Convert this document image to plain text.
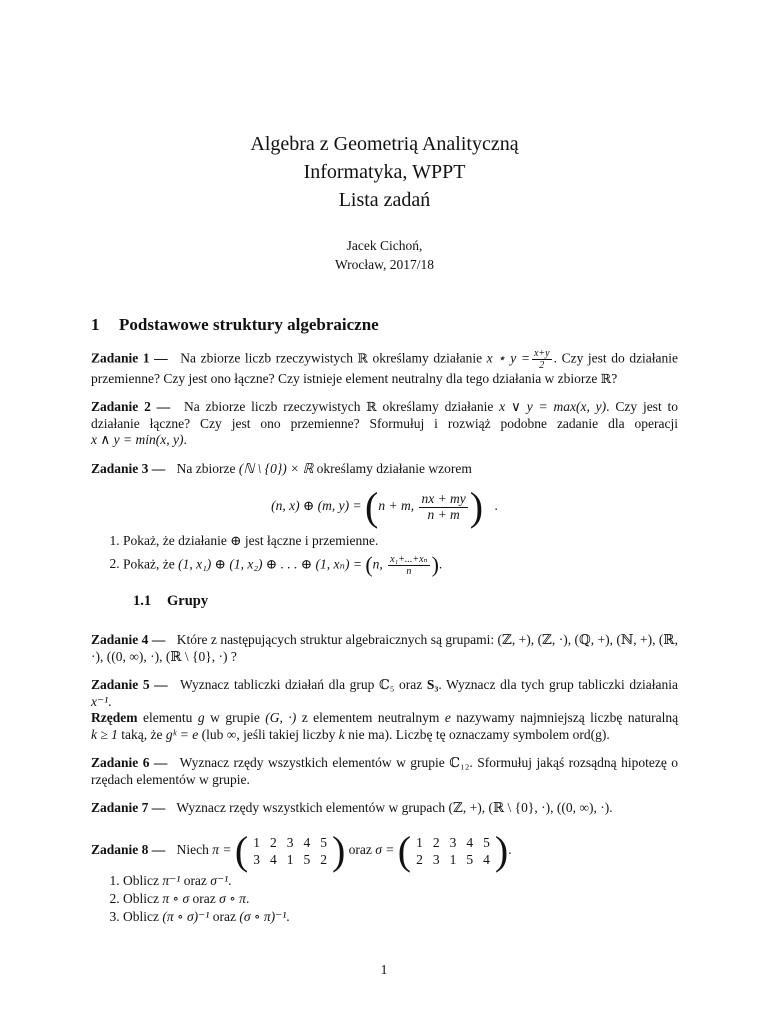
Algebra z Geometrią Analityczną

Informatyka, WPPT

Lista zadań

Jacek Cichoń,
Wrocław, 2017/18
1 Podstawowe struktury algebraiczne
Zadanie 1 — Na zbiorze liczb rzeczywistych ℝ określamy działanie x ⋆ $y = \frac{x+y}{2}$ . Czy jest do działanie przemienne? Czy jest ono łączne? Czy istnieje element neutralny dla tego działania w zbiorze ℝ?
Zadanie 2 — Na zbiorze liczb rzeczywistych ℝ określamy działanie x ∨ y = max(x, y). Czy jest to działanie łączne? Czy jest ono przemienne? Sformułuj i rozwiąż podobne zadanie dla operacji x ∧ y = min(x, y).
Zadanie 3 — Na zbiorze (ℕ \ {0}) × ℝ określamy działanie wzorem
(n, x) ⊕ (m, y) = (n + m, $\frac{nx + my}{n + m}$ ) .
1. Pokaż, że działanie ⊕ jest łączne i przemienne.
2. Pokaż, że (1, x₁) ⊕ (1, x₂) ⊕ . . . ⊕ (1, xₙ) = (n, $\frac{\text{x₁+...+xₙ}}{n}$ ).
1.1 Grupy
Zadanie 4 — Które z następujących struktur algebraicznych są grupami: (ℤ, +), (ℤ, ·), (ℚ, +), (ℕ, +), (ℝ, ·), ((0, ∞), ·), (ℝ \ {0}, ·) ?
Zadanie 5 — Wyznacz tabliczki działań dla grup ℂ₅ oraz S₃. Wyznacz dla tych grup tabliczki działania x⁻¹.
Rzędem elementu g w grupie (G, ·) z elementem neutralnym e nazywamy najmniejszą liczbę naturalną k ≥ 1 taką, że gᵏ = e (lub ∞, jeśli takiej liczby k nie ma). Liczbę tę oznaczamy symbolem ord(g).
Zadanie 6 — Wyznacz rzędy wszystkich elementów w grupie ℂ₁₂. Sformułuj jakąś rozsądną hipotezę o rzędach elementów w grupie.
Zadanie 7 — Wyznacz rzędy wszystkich elementów w grupach (ℤ, +), (ℝ \ {0}, ·), ((0, ∞), ·).
Zadanie 8 — Niech π = ( 1	2	3	4	5
3	4	1	5	2 ) oraz σ = ( 1	2	3	4	5
2	3	1	5	4 ).
1. Oblicz π⁻¹ oraz σ⁻¹.
2. Oblicz π ∘ σ oraz σ ∘ π.
3. Oblicz (π ∘ σ)⁻¹ oraz (σ ∘ π)⁻¹.
1
